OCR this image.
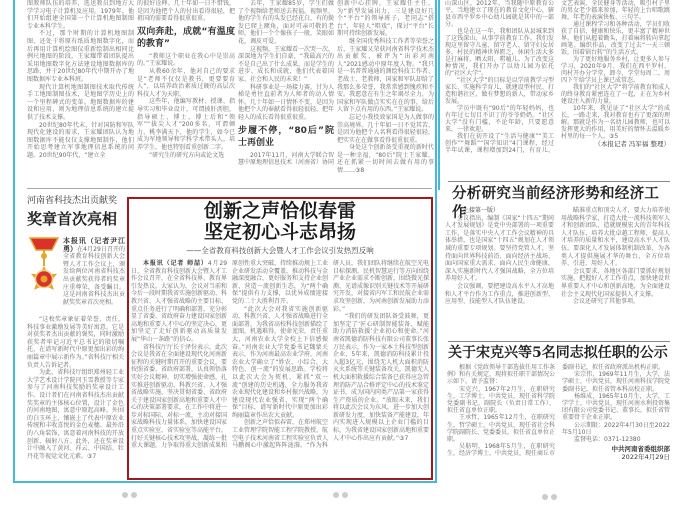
图教师队伍的培养，选送教员到地方大学学习电子计算机及应用。1979年，他们开始组建全国第一个计算机地图制图专业本科学生。

不过，那个时期的计算机地图制图，还处于将原有纸质地图数字化，而后再用计算机绘图仪重新绘制出相同比例尺地图的阶段。王家耀带着团队提出采用地图数字化方法建设地图数据库的思路，并于20世纪80年代中期开办了地图数据库专业本科班。

现代计算机地图制图技术取代传统手工地图制图技术，是地图学历史上的一个里程碑式的变革。地图数据库的建设和应用，则为地理信息系统的建立提供了技术支撑。

20世纪80年代末，针对国防和军队现代化建设的需求，王家耀团队认为地图数据库不能仅仅支撑地图制作，他们开始思考建立军事地理信息系统的问题。20世纪90年代，“建立全

的很好诠释。几十年如一日不惜钱，是因为他把个人的付出看得很轻，把祖国的需要看得很重很重。

双向奔赴，成就“有温度的教育”

“教师这个职业在我心中是崇高的。”王家耀说。

从教60余年，他对自己的要求是“老师不仅仅是教书，更要要育人”，以培养政治素质过硬的高层次科技人才为天职。

这些年，他编写教材、授课、指导实习和毕业设计，可谓披肝沥胆，指导硕士、博士、博士后和“领军”“拔尖人才”200多名，可谓倾力，桃李满天下，他的学生，如今已成为军地领导和学科学术带头人。培养学生，他也特别看重创新二字。

“研究生的研究方向或论文选

去年，王家耀85岁，学生们做了个视频给老师送去祝福。视频里，他的学生有的头发已经花白，有的鬓发已爬上额角，面对可亲可敬的老师，他们一个个像孩子一般，笑眼如花，调皮可爱。

这视频，王家耀看一次哭一次，深深地为学生们自豪，“我最高兴的不是自己出了什么成果，而是学生的进步、成长和成就，他们代表着国家、社会和人民的未来！”

科研事业是一场接力赛，甘为人梯是勇往直前者为人师者的动人情怀。几十年如一日情怀不变，是因为他把个人的奉献看得很轻很轻，把年轻人的成长看得很重很重。

步履不停，“80后”院士再创业

2017年11月，河南大学联合智慧中原地理信息技术（河南省）协同

创新中心挂牌，王家耀任主任，为“新型发展出力，三是建设好几个“平台”的领导班子，老同志“搭台”，年轻人“唱戏”，探讨“平台”长期可持续创新发展。

继全国优秀科技工作者等荣誉之后，王家耀又荣获河南省科学技术杰出贡献奖，被评为“出彩河南人”2021感动中原年度人物。“我只是一名普普通通的测绘科技工作者、老战士、老教师，国家和军队却给了我那么多荣誉，我常常感到愧疚和不安。我愿意在有生之年竭尽全力，为国家和军队做点实实在在的事，给后人留下点有用的东西。”王家耀说。

忘记小我投效家国是为人做事的崇高境界。几十年如一日不觉其苦，是因为他把个人名利看得很轻很轻，把实实在在做事看得很重很重。

身处这个创新备受重视的新时代是一种幸福，“80后”院士王家耀，还在抓紧一切时间去做有用的事情……③8

河南省科技杰出贡献奖
奖章首次亮相
本报讯（记者尹江勇）在4月29日召开的全省教育科技创新大会暨人才工作会议上，颁发给两位河南省科技杰出贡献奖获得者的奖章庄重尊荣，备受瞩目。这是河南省科技杰出贡献奖奖章首次亮相。

“这枚奖章象征着荣誉、责任，科技事业激励发展等美好寓意。它是对获奖者杰出贡献的褒奖，同时激励获奖者牢记习近平总书记的殷切嘱托，在谱写新时代中原更加出彩的绚丽篇章中展示新作为。”省科技厅相关负责人告诉记者。

为此，省科技厅组织郑州轻工业大学艺术设计学院闫玉雪教授等专家参与了河南科技奖励的奖章设计工作。设计者们在河南省科技杰出贡献奖奖章的主体核心位置，设计了金色的河南地图，寓意中原起高峰。外围的白玉环上，镶嵌上了代表中原农业传统和丰收喜悦的金色麦穗。最外沿的八角装饰，寓意着河南科技的开放创新、辐射八方。此外，还在奖章设计中融入了黄河、祥云、中国结、牡丹花等视觉文化元素。③7

创新之声恰似春雷
坚定初心斗志昂扬
——全省教育科技创新大会暨人才工作会议引发热烈反响

本报讯（记者 师喆）4月29日，全省教育科技创新大会暨人才工作会议召开，在全省科技界、教育界引发热议。大家认为，会议对当前和今后一段时期我省实施创新驱动、科教兴省、人才强省战略的主要目标、重点任务进行了明确和部署，充分彰显了省委、省政府奋力建设国家创新高地和重要人才中心的坚定决心，更加坚定了走好创新驱动高质量发展“华山一条路”的信心。

省科技厅厅长于泽份表示，此次会议是我省在全面建设现代化河南新征程的关键时期召开的重要会议，要按照省委、省政府部署，认真领悟落实好会议精神，切实增强使命感，扎实推进创新驱动、科教兴省、人才强省战略实施，坚决贯彻省委、省政府关于建设国家创新高地和重要人才中心的决策部署要求，在工作中将进一步对标国际、对标一流，主动对接国家战略科技力量体系，加快建设国家重点实验室、省实验室等高能平台，打好关键核心技术攻坚战，凝练一批重大课题，力争取得重大创新成果和原创性重大突破，持续推动规上工业企业研发活动全覆盖，推动科技与金融深度融合，更好服务和支持企业创新，营造一流创新生态，为“两个确保”提供有力支撑，以优异成绩迎接党的二十大胜利召开。

“此次大会对我省实施创新驱动、科教兴省、人才强省战略进行全面部署，为我省高校科技创新描绘了蓝图，机遇难得，使命光荣，责任重大，河南农业大学全校上下倍感振奋。”河南农业大学党委书记魏蒙关表示，作为河南最高农业学府，河南农业大学确立了“姓农、小综合、大特色、创一流”的发展思路。学校将以此次大会为契机，紧抓“双一流”创建的历史机遇，全力服务我省农业现代化建设和乡村振兴战略，为建设现代农业强省、实现“两个确保”目标，谱写新时代中原更加出彩绚丽篇章作出农大贡献。

创新之声恰似春雷，在郑州航空工业管理学院智能工程学院教授、航空电子技术河南省工程实验室负责人马鹏阁心中激起阵阵涟漪。“作为科研人员，我们团队将继续在航空光电目标探测、民机智慧运行等方向围绕产业企业需求不断创新，围绕微光探测、光谱成像识别关键技术等开展研究开发，对接省内军工和民航企业需求攻坚创新，为河南创新发展助力添彩。”

“我们的研发团队备受鼓舞，更加坚定了‘匠心研制智能装备、赋能助力消防救援’企业初心和使命。”河南省凯德消防科技有限公司董事长张万民表示，作为一家本土科技型创新企业，5年来，凯德消防科技累计投入超3亿元，围绕无人机大面积消防灭火系统等关键装备攻关，凯德无人机大面积救援综合装备已获得应急管理消防产品合格评定中心的技术鉴定证书，成为国内同类产品第一家获得生产资质的企业。“放眼未来，我们将以此次会议为东风，进一步加大创新研发力度，加快装备产能建设，年内实现进入规模以上企业门槛的目标，为我省建设国家创新高地和重要人才中心作出应有贡献。”③7

山深山区，2012年，当我随中原教育公平，当地建立了现在的教育文化中心，辖县市西平罗乡中心幼儿园就是其中的一部分。

也是在这一年，我和团队从县城来到了这钱深山，从事学前教育工作。我们发现这里留守儿童、留守老人、留守妇女居多，村民的精神世界匮乏，休闲生活大多是打麻将、晒太阳、唠嗑儿。为了改变这种情况，我们开办了以幼儿园为依托的“社区大学”。

“社区大学”的目标是以学前教学习型家长、实施科学育儿，就建设型村民、打造和谐社区，做有梦想的新人，带动家乡发展。

学员中既有“90后”的年轻妈妈，也有年过七旬目不识丁的爷爷奶奶。“社区大学”没有门槛，不论年龄，只要愿意来，一律欢迎。

我们在初开设了“生活与健康”“美工创作”“舞蹈”“国学知识”4门课程，经过半年试课，课程增加到24门，有育儿、文艺表演、全民健身等活动，吸引村子里的男女老少都来参加，年轻的上台唱歌跳舞，年老的表演快板、三句半。

通过课程学习和各种活动，学员们收获了自信、健康和快乐，更丰富了精神世界。他们从握着锄头，打着麻将转向拿起画笔、编织作品，改变了过去“一天三顿饭，围着锅台转”的生活方式。

为了更好地服务乡村，让更多人参与学习，2020年9月，我们在西平罗村、肉村开办分学堂，卸今，学堂每周二、周四下午给学员上课已成常态。

我们的“社区大学”将学前教育和成人的终身教育紧密连在了一起，正在为乡村建设注入新的力量。

10年来，我见证了“社区大学”的成长，一路走来，我对教育也有了更深的理解。那就是作为一名幼儿园教师，也可以发挥更大的作用，用美好的情怀去温暖乡村里的每一个人。③5

（本报记者 冯军福 整理）
分析研究当前经济形势和经济工作

（上接第一版）

会议指出，编制《国家“十四五”期间人才发展规划》是党中央部署的一项重要工作，是落实中央人才工作会议精神的具体举措，也是国家“十四五”规划在人才领域的重要专项规划。要坚持党管人才，坚持面向世界科技前沿、面向经济主战场、面向国家重大需求、面向人民生命健康，深入实施新时代人才强国战略，全方位培养用好人才。

会议强调，要把建设高水平人才高地和人才平台作为工作重点，推进创新型、应用型、技能型人才队伍建设。

瞄准重点和顶尖人才，要大力培养使用战略科学家，打造大批一流科技领军人才和创新团队，造就规模宏大的青年科技人才队伍，培养大批卓越工程师，提高人才培养的质量和水平，建设高水平人才队伍。要深化人才发展体制机制改革，为各类人才提供施展才华的舞台，全方位培养、引进、用好人才。

会议要求，各地区各部门要抓好规划实施，把握好人才工作重点，加快建设世界重要人才中心和创新高地，为全面建设社会主义现代化国家提供人才支撑。

会议还研究了其他事项。

关于宋克兴等5名同志拟任职的公示

根据《党政领导干部选拔任用工作条例》和有关规定，现将拟任职干部情况公示如下，请予监督：

宋克兴，1967年2月生，在职研究生，工学博士，中共党员，现任省科学院党委副书记、副院长（负责日常工作），拟任省直单位正职。

王承哲，1965年12月生，在职研究生，哲学硕士，中共党员，现任省社会科学院副院长、党委委员，拟任省直单位正职。

吴舫明，1968年5月生，在职研究生，经济学博士，中共党员，现任商丘市委副书记，拟任省政府派出机构正职。

宋宗伟，1969年11月生，大学，法学硕士，中共党员，现任河南科技学院党委副书记，拟任省管本科高校正职。

杨维成，1965年10月生，大学，工学学士，中共党员，现任河南水利投资集团有限公司党委书记、董事长，拟任省管重要骨干企业正职。

公示期限：2022年4月30日至2022年5月10日

监督电话：0371-12380

中共河南省委组织部
2022年4月29日
